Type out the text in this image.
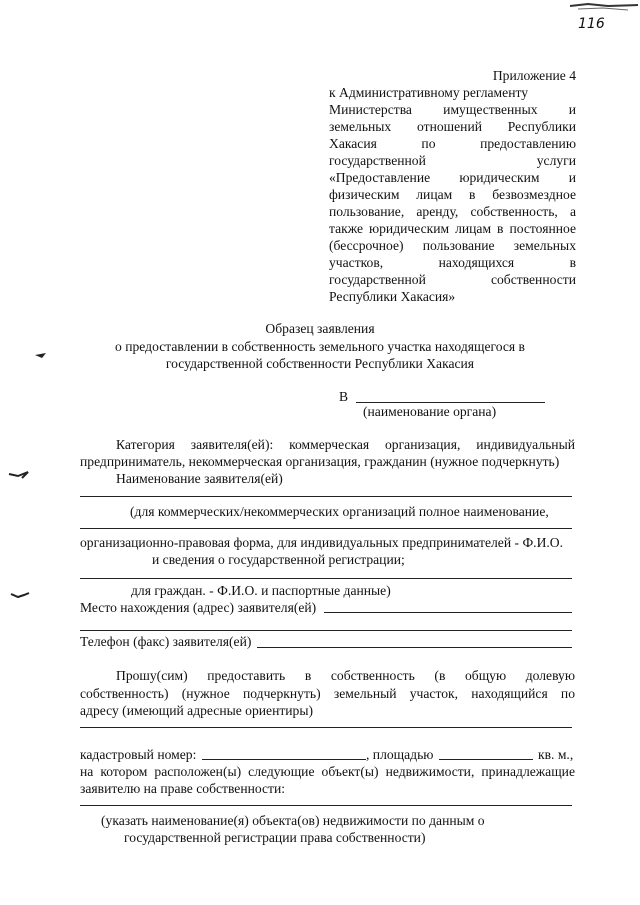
116
Приложение 4
к Административному регламенту
Министерства имущественных и
земельных отношений Республики
Хакасия по предоставлению
государственной услуги
«Предоставление юридическим и
физическим лицам в безвозмездное
пользование, аренду, собственность, а
также юридическим лицам в постоянное
(бессрочное) пользование земельных
участков, находящихся в
государственной собственности
Республики Хакасия»
Образец заявления
о предоставлении в собственность земельного участка находящегося в
государственной собственности Республики Хакасия
В
(наименование органа)
Категория заявителя(ей): коммерческая организация, индивидуальный
предприниматель, некоммерческая организация, гражданин (нужное подчеркнуть)
Наименование заявителя(ей)
(для коммерческих/некоммерческих организаций полное наименование,
организационно-правовая форма, для индивидуальных предпринимателей - Ф.И.О.
и сведения о государственной регистрации;
для граждан. - Ф.И.О. и паспортные данные)
Место нахождения (адрес) заявителя(ей)
Телефон (факс) заявителя(ей)
Прошу(сим) предоставить в собственность (в общую долевую
собственность) (нужное подчеркнуть) земельный участок, находящийся по
адресу (имеющий адресные ориентиры)
кадастровый номер:	, площадью	кв. м.,
на котором расположен(ы) следующие объект(ы) недвижимости, принадлежащие
заявителю на праве собственности:
(указать наименование(я) объекта(ов) недвижимости по данным о
государственной регистрации права собственности)
